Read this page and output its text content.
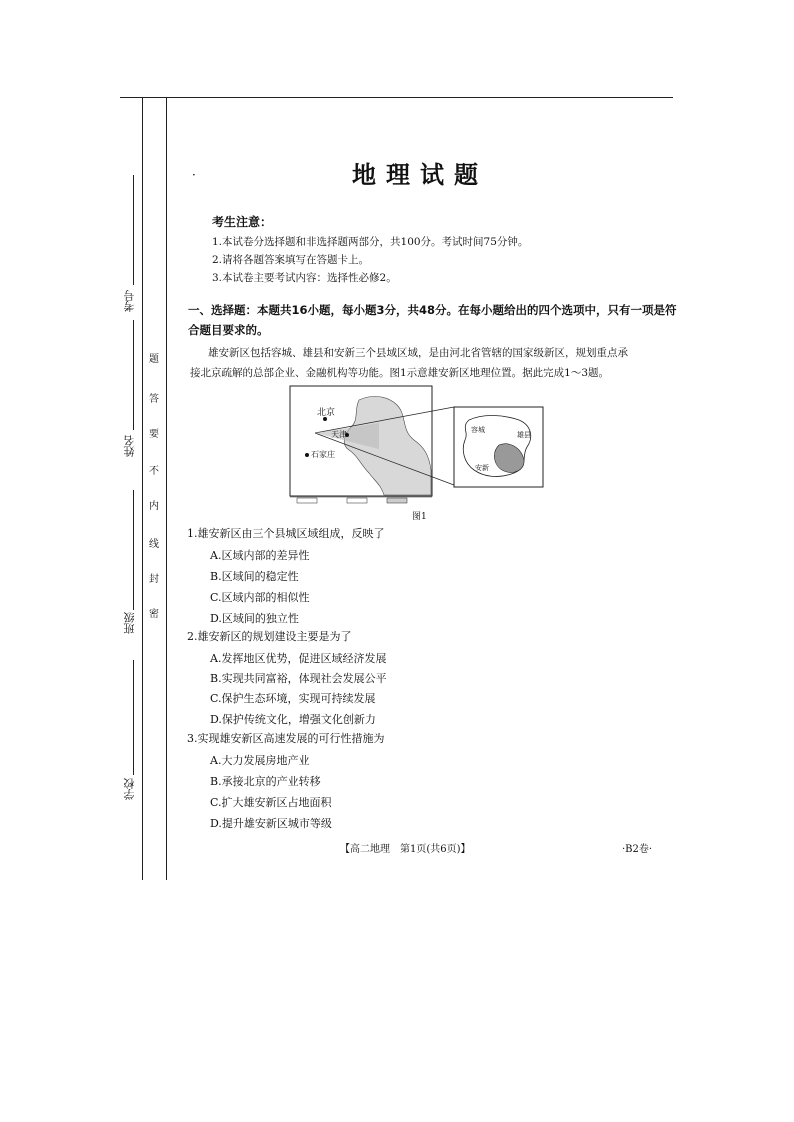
考号
姓名
班级
学校
题
答
要
不
内
线
封
密
·	地理试题
考生注意：
1.本试卷分选择题和非选择题两部分，共100分。考试时间75分钟。
2.请将各题答案填写在答题卡上。
3.本试卷主要考试内容：选择性必修2。
一、选择题：本题共16小题，每小题3分，共48分。在每小题给出的四个选项中，只有一项是符
合题目要求的。
雄安新区包括容城、雄县和安新三个县域区域，是由河北省管辖的国家级新区，规划重点承
接北京疏解的总部企业、金融机构等功能。图1示意雄安新区地理位置。据此完成1～3题。
北京
天津
石家庄
容城
雄县
安新
图1
1.雄安新区由三个县城区域组成，反映了
A.区域内部的差异性
B.区域间的稳定性
C.区域内部的相似性
D.区域间的独立性
2.雄安新区的规划建设主要是为了
A.发挥地区优势，促进区域经济发展
B.实现共同富裕，体现社会发展公平
C.保护生态环境，实现可持续发展
D.保护传统文化，增强文化创新力
3.实现雄安新区高速发展的可行性措施为
A.大力发展房地产业
B.承接北京的产业转移
C.扩大雄安新区占地面积
D.提升雄安新区城市等级
【高二地理　第1页(共6页)】	·B2卷·
